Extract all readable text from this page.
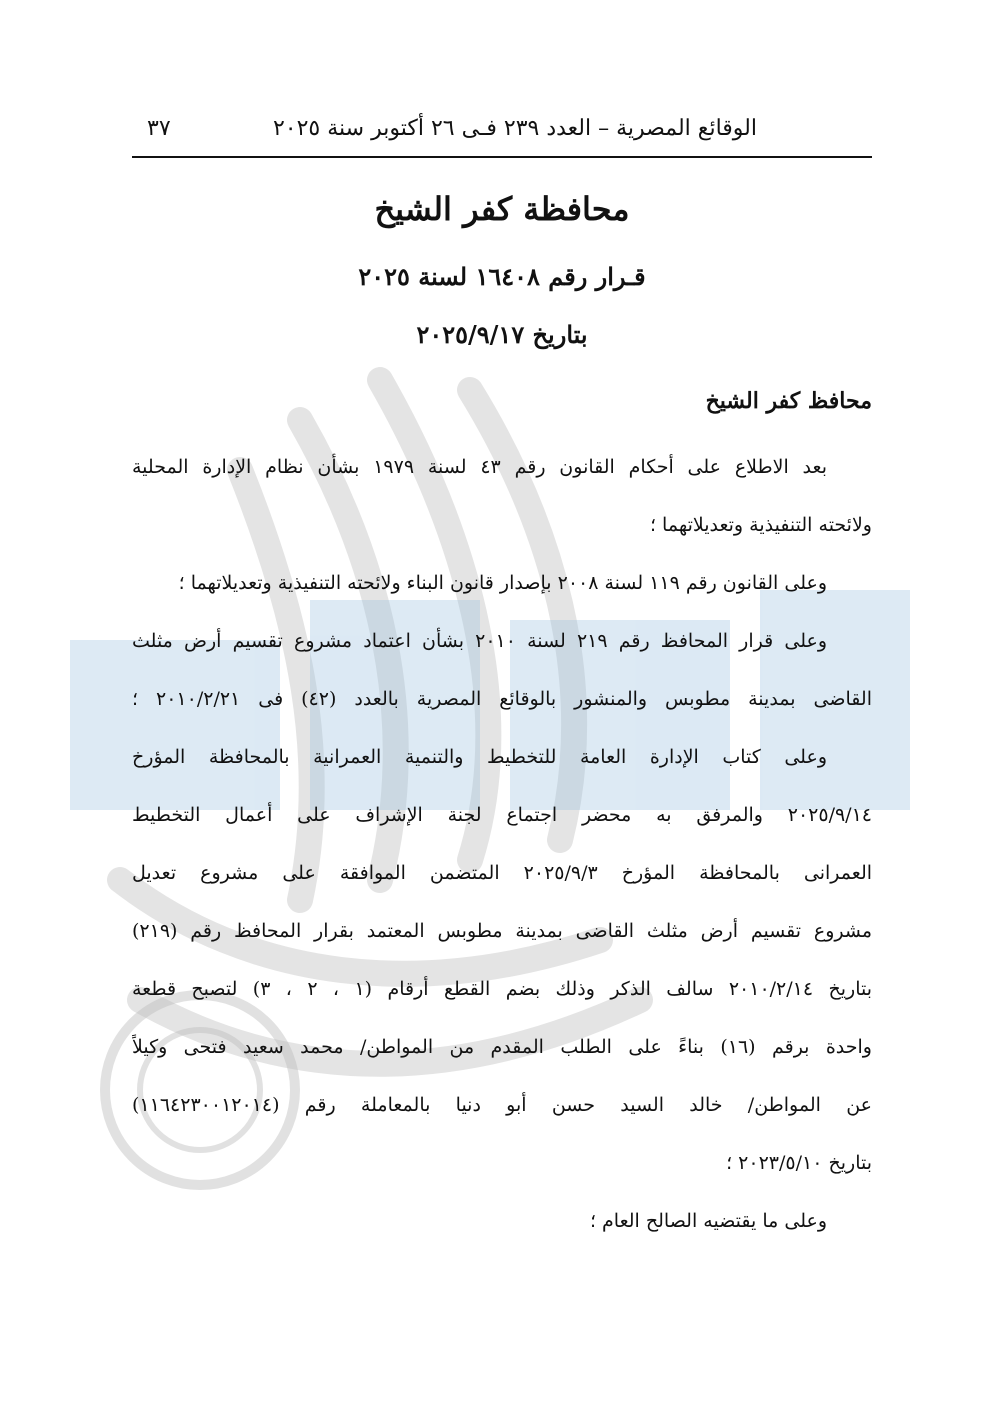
الوقائع المصرية – العدد ٢٣٩ فـى ٢٦ أكتوبر سنة ٢٠٢٥
٣٧
محافظة كفر الشيخ
قـرار رقم ١٦٤٠٨ لسنة ٢٠٢٥
بتاريخ ٢٠٢٥/٩/١٧
محافظ كفر الشيخ
بعد الاطلاع على أحكام القانون رقم ٤٣ لسنة ١٩٧٩ بشأن نظام الإدارة المحلية
ولائحته التنفيذية وتعديلاتهما ؛
وعلى القانون رقم ١١٩ لسنة ٢٠٠٨ بإصدار قانون البناء ولائحته التنفيذية وتعديلاتهما ؛
وعلى قرار المحافظ رقم ٢١٩ لسنة ٢٠١٠ بشأن اعتماد مشروع تقسيم أرض مثلث
القاضى بمدينة مطوبس والمنشور بالوقائع المصرية بالعدد (٤٢) فى ٢٠١٠/٢/٢١ ؛
وعلى كتاب الإدارة العامة للتخطيط والتنمية العمرانية بالمحافظة المؤرخ
٢٠٢٥/٩/١٤ والمرفق به محضر اجتماع لجنة الإشراف على أعمال التخطيط
العمرانى بالمحافظة المؤرخ ٢٠٢٥/٩/٣ المتضمن الموافقة على مشروع تعديل
مشروع تقسيم أرض مثلث القاضى بمدينة مطوبس المعتمد بقرار المحافظ رقم (٢١٩)
بتاريخ ٢٠١٠/٢/١٤ سالف الذكر وذلك بضم القطع أرقام (١ ، ٢ ، ٣) لتصبح قطعة
واحدة برقم (١٦) بناءً على الطلب المقدم من المواطن/ محمد سعيد فتحى وكيلاً
عن المواطن/ خالد السيد حسن أبو دنيا بالمعاملة رقم (١١٦٤٢٣٠٠١٢٠١٤)
بتاريخ ٢٠٢٣/٥/١٠ ؛
وعلى ما يقتضيه الصالح العام ؛
